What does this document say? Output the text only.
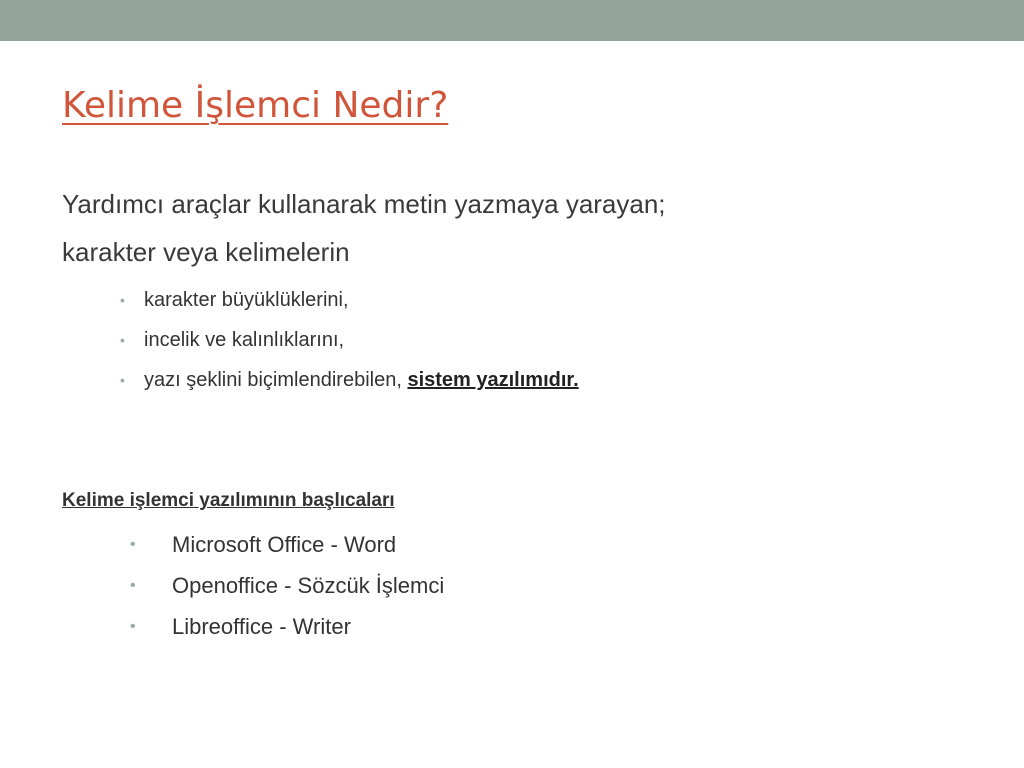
Kelime İşlemci Nedir?

Yardımcı araçlar kullanarak metin yazmaya yarayan;

karakter veya kelimelerin

• karakter büyüklüklerini,
• incelik ve kalınlıklarını,
• yazı şeklini biçimlendirebilen, sistem yazılımıdır.

Kelime işlemci yazılımının başlıcaları

• Microsoft Office - Word
• Openoffice - Sözcük İşlemci
• Libreoffice - Writer
